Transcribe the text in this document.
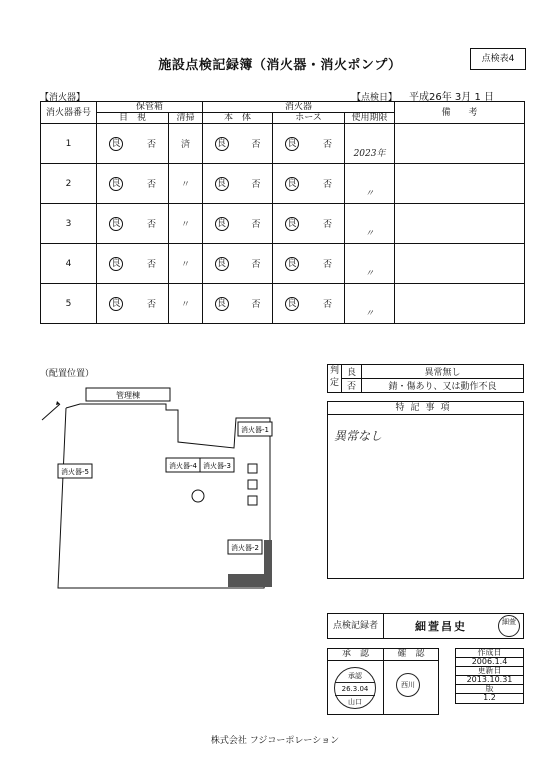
施設点検記録簿（消火器・消火ポンプ）	点検表4
【消火器】	【点検日】 平成26年 3月 1 日
消火器番号	保管箱		消火器			備　　考
	目　視	清掃	本　体	ホース	使用期限	
1	良 否	済	良 否	良 否	2023年	
2	良 否	〃	良 否	良 否	〃	
3	良 否	〃	良 否	良 否	〃	
4	良 否	〃	良 否	良 否	〃	
5	良 否	〃	良 否	良 否	〃	
（配置位置）
消火器-1
消火器-2
消火器-3
消火器-4
消火器-5
管理棟
	良	異常無し
	否	錆・傷あり、又は動作不良
判　定
特記事項
異常なし
点検記録者	細萱昌史	細萱
承　認	確　認
承認
26.3.04
山口
西川
作成日
2006.1.4
更新日
2013.10.31
版
1.2
株式会社 フジコーポレーション
